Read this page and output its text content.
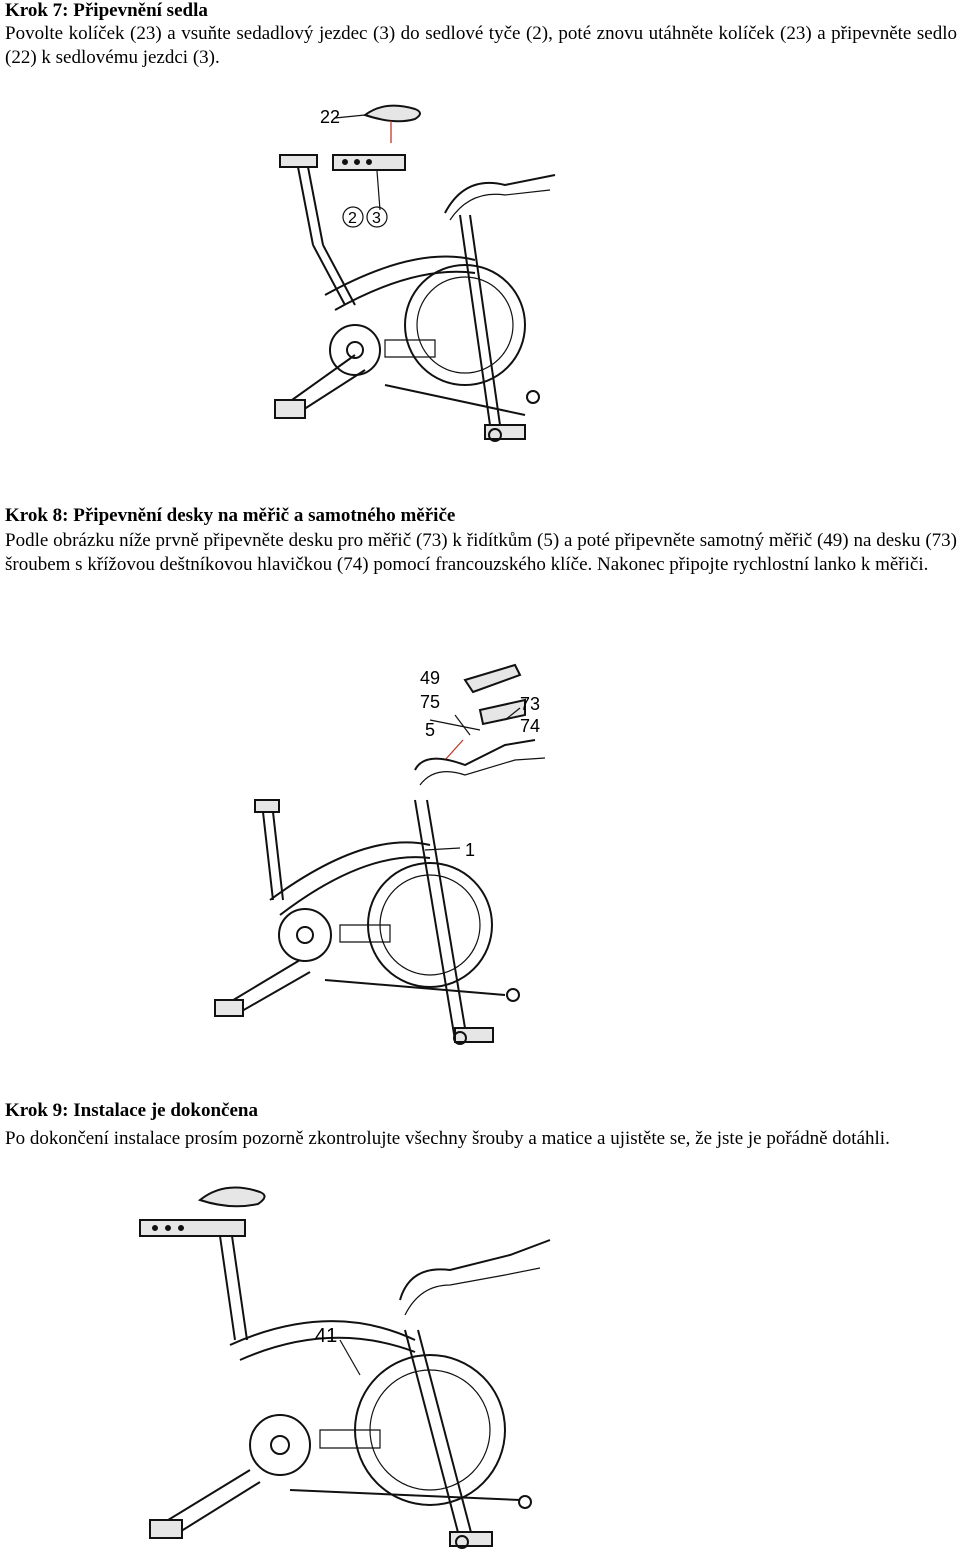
Krok 7: Připevnění sedla

Povolte kolíček (23) a vsuňte sedadlový jezdec (3) do sedlové tyče (2), poté znovu utáhněte kolíček (23) a připevněte sedlo (22) k sedlovému jezdci (3).

22
2 3
Krok 8: Připevnění desky na měřič a samotného měřiče

Podle obrázku níže prvně připevněte desku pro měřič (73) k řidítkům (5) a poté připevněte samotný měřič (49) na desku (73) šroubem s křížovou deštníkovou hlavičkou (74) pomocí francouzského klíče. Nakonec připojte rychlostní lanko k měřiči.

49
75
5
73
74
1
Krok 9: Instalace je dokončena

Po dokončení instalace prosím pozorně zkontrolujte všechny šrouby a matice a ujistěte se, že jste je pořádně dotáhli.

41
